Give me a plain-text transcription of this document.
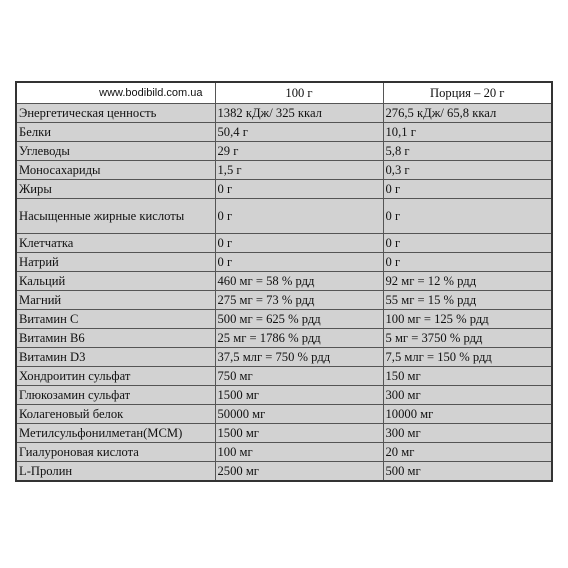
www.bodibild.com.ua	100 г	Порция – 20 г
Энергетическая ценность	1382 кДж/ 325 ккал	276,5 кДж/ 65,8 ккал
Белки	50,4 г	10,1 г
Углеводы	29 г	5,8 г
Моносахариды	1,5 г	0,3 г
Жиры	0 г	0 г
Насыщенные жирные кислоты	0 г	0 г
Клетчатка	0 г	0 г
Натрий	0 г	0 г
Кальций	460 мг = 58 % рдд	92 мг = 12 % рдд
Магний	275 мг = 73 % рдд	55 мг = 15 % рдд
Витамин С	500 мг = 625 % рдд	100 мг = 125 % рдд
Витамин В6	25 мг = 1786 % рдд	5 мг = 3750 % рдд
Витамин D3	37,5 млг = 750 % рдд	7,5 млг = 150 % рдд
Хондроитин сульфат	750 мг	150 мг
Глюкозамин сульфат	1500 мг	300 мг
Колагеновый белок	50000 мг	10000 мг
Метилсульфонилметан(МСМ)	1500 мг	300 мг
Гиалуроновая кислота	100 мг	20 мг
L-Пролин	2500 мг	500 мг
